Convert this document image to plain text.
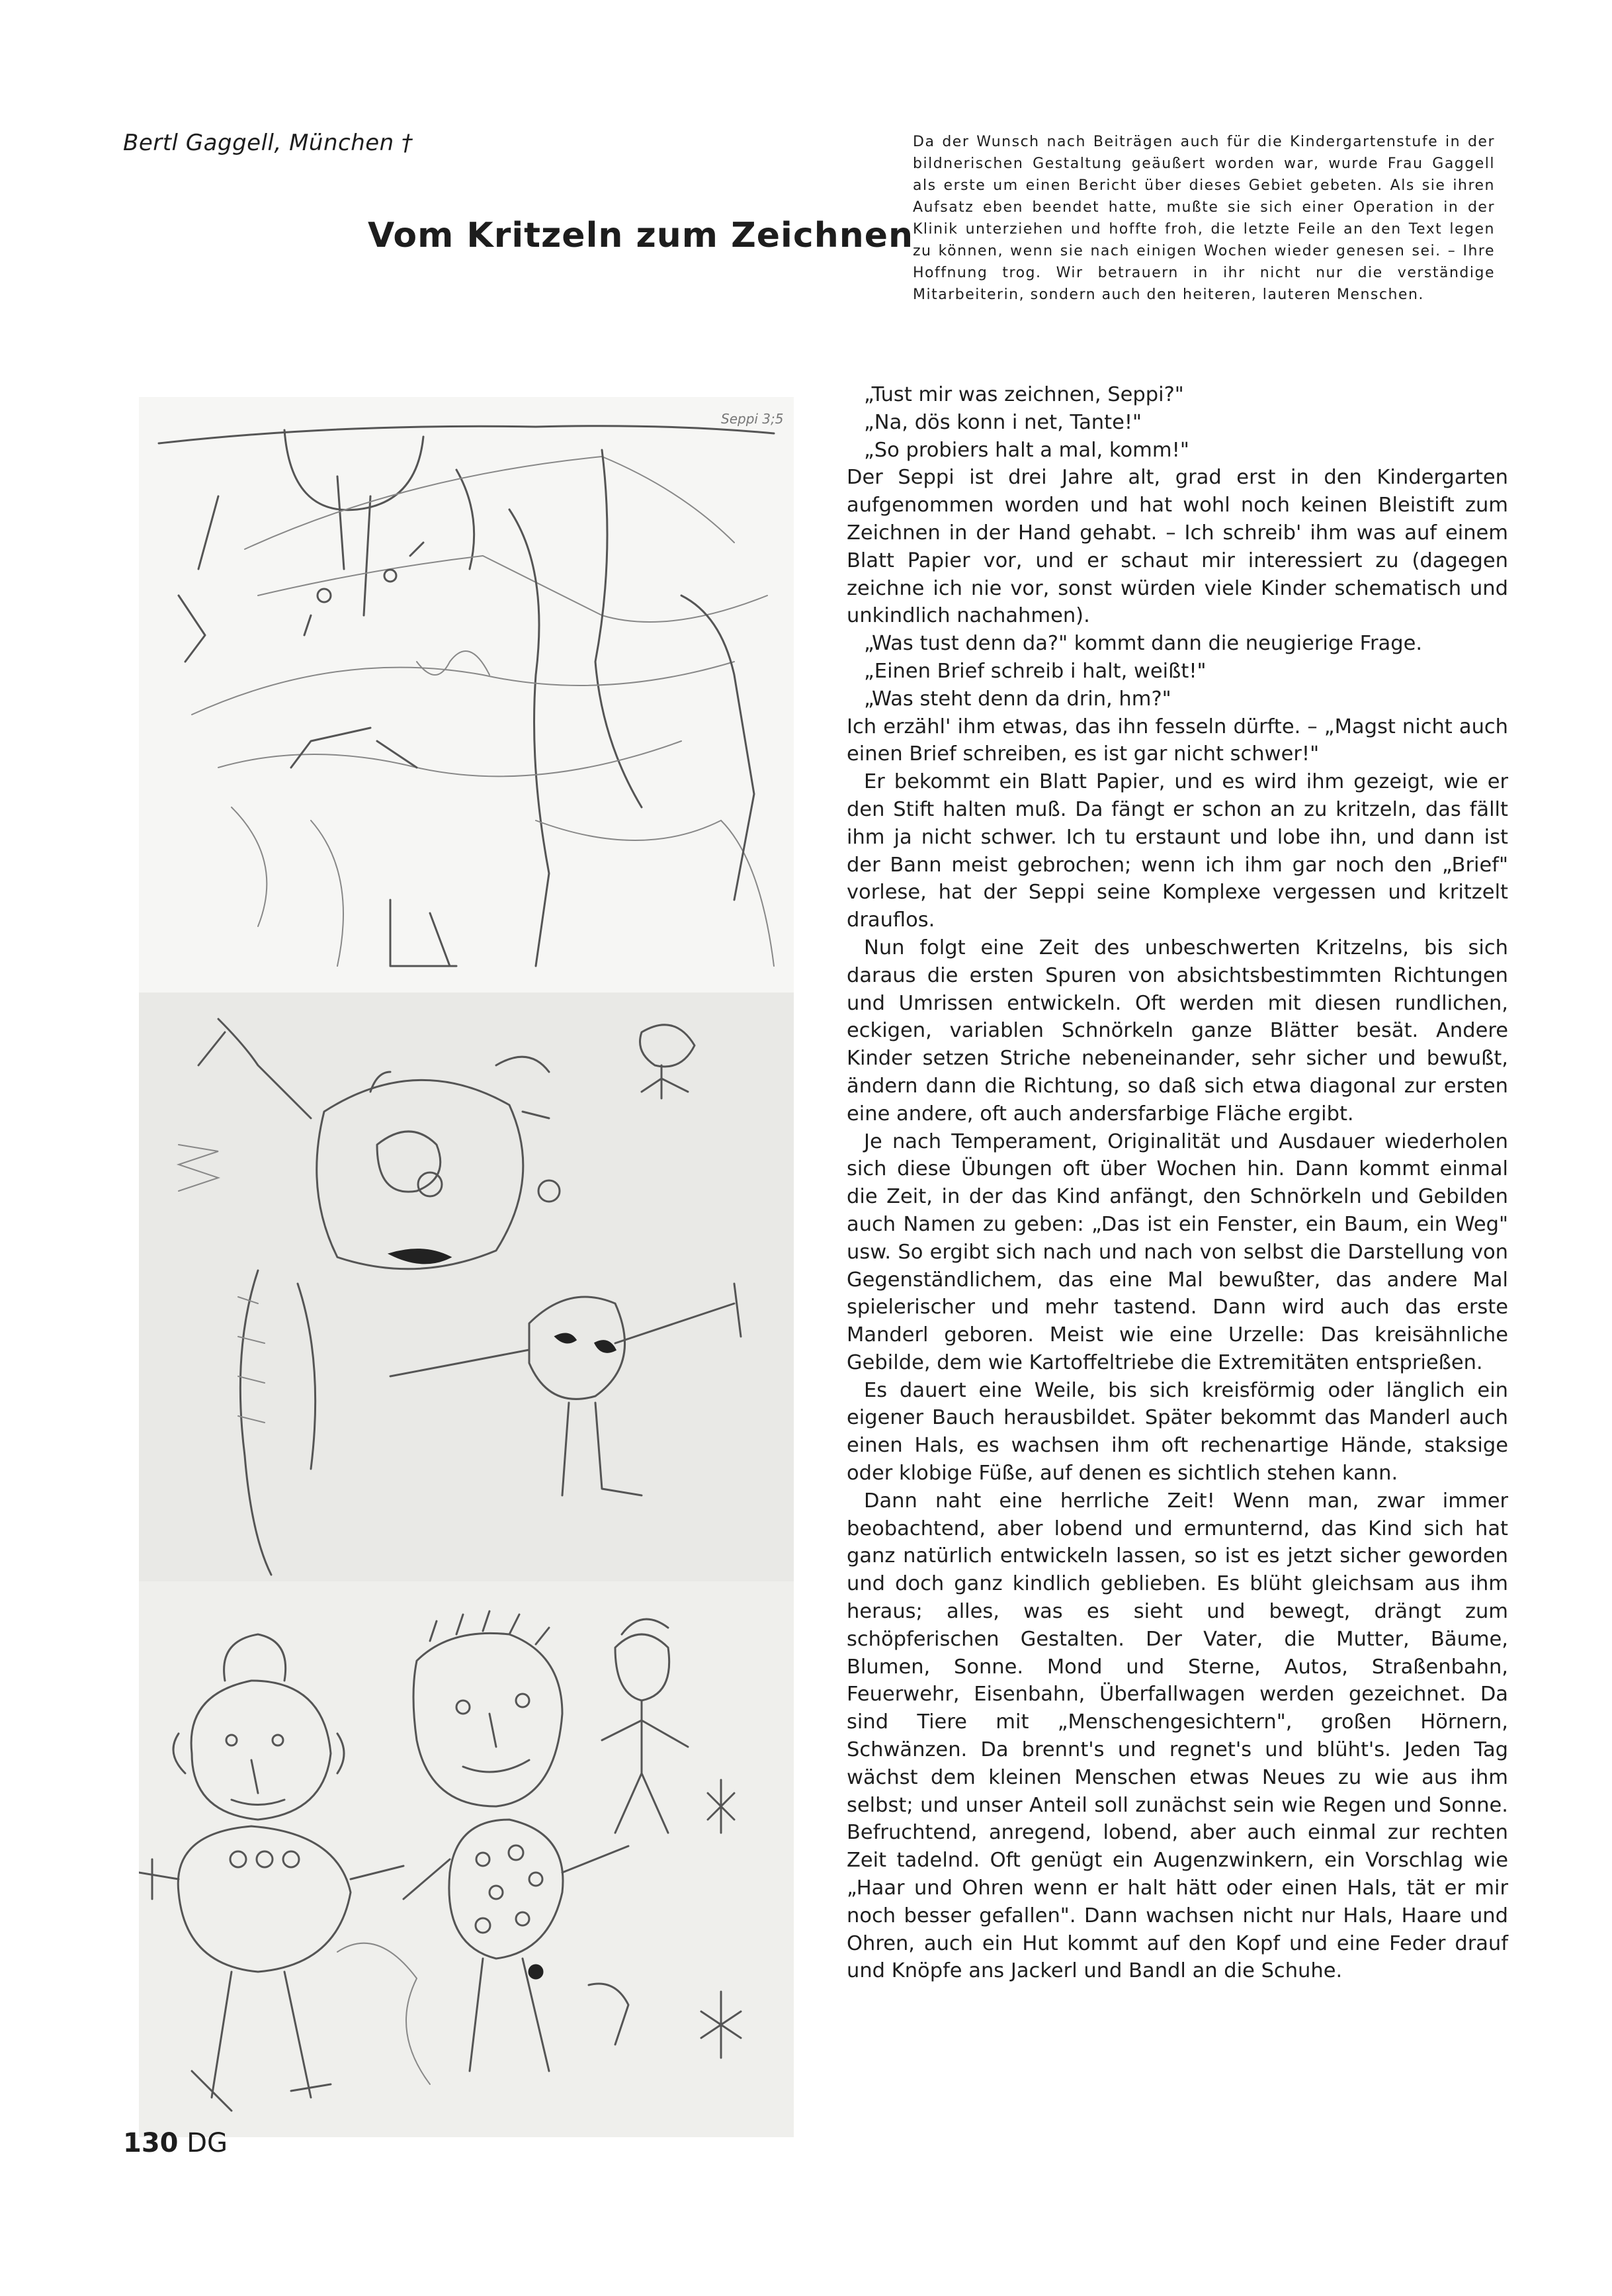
Bertl Gaggell, München †

Vom Kritzeln zum Zeichnen

Da der Wunsch nach Beiträgen auch für die Kindergartenstufe in der bildnerischen Gestaltung geäußert worden war, wurde Frau Gaggell als erste um einen Bericht über dieses Gebiet gebeten. Als sie ihren Aufsatz eben beendet hatte, mußte sie sich einer Operation in der Klinik unterziehen und hoffte froh, die letzte Feile an den Text legen zu können, wenn sie nach einigen Wochen wieder genesen sei. – Ihre Hoffnung trog. Wir betrauern in ihr nicht nur die verständige Mitarbeiterin, sondern auch den heiteren, lauteren Menschen.

Seppi 3;5

„Tust mir was zeichnen, Seppi?"

„Na, dös konn i net, Tante!"

„So probiers halt a mal, komm!"

Der Seppi ist drei Jahre alt, grad erst in den Kindergarten aufgenommen worden und hat wohl noch keinen Bleistift zum Zeichnen in der Hand gehabt. – Ich schreib' ihm was auf einem Blatt Papier vor, und er schaut mir interessiert zu (dagegen zeichne ich nie vor, sonst würden viele Kinder schematisch und unkindlich nachahmen).

„Was tust denn da?" kommt dann die neugierige Frage.

„Einen Brief schreib i halt, weißt!"

„Was steht denn da drin, hm?"

Ich erzähl' ihm etwas, das ihn fesseln dürfte. – „Magst nicht auch einen Brief schreiben, es ist gar nicht schwer!"

Er bekommt ein Blatt Papier, und es wird ihm gezeigt, wie er den Stift halten muß. Da fängt er schon an zu kritzeln, das fällt ihm ja nicht schwer. Ich tu erstaunt und lobe ihn, und dann ist der Bann meist gebrochen; wenn ich ihm gar noch den „Brief" vorlese, hat der Seppi seine Komplexe vergessen und kritzelt drauflos.

Nun folgt eine Zeit des unbeschwerten Kritzelns, bis sich daraus die ersten Spuren von absichtsbestimmten Richtungen und Umrissen entwickeln. Oft werden mit diesen rundlichen, eckigen, variablen Schnörkeln ganze Blätter besät. Andere Kinder setzen Striche nebeneinander, sehr sicher und bewußt, ändern dann die Richtung, so daß sich etwa diagonal zur ersten eine andere, oft auch andersfarbige Fläche ergibt.

Je nach Temperament, Originalität und Ausdauer wiederholen sich diese Übungen oft über Wochen hin. Dann kommt einmal die Zeit, in der das Kind anfängt, den Schnörkeln und Gebilden auch Namen zu geben: „Das ist ein Fenster, ein Baum, ein Weg" usw. So ergibt sich nach und nach von selbst die Darstellung von Gegenständlichem, das eine Mal bewußter, das andere Mal spielerischer und mehr tastend. Dann wird auch das erste Manderl geboren. Meist wie eine Urzelle: Das kreisähnliche Gebilde, dem wie Kartoffeltriebe die Extremitäten entsprießen.

Es dauert eine Weile, bis sich kreisförmig oder länglich ein eigener Bauch herausbildet. Später bekommt das Manderl auch einen Hals, es wachsen ihm oft rechenartige Hände, staksige oder klobige Füße, auf denen es sichtlich stehen kann.

Dann naht eine herrliche Zeit! Wenn man, zwar immer beobachtend, aber lobend und ermunternd, das Kind sich hat ganz natürlich entwickeln lassen, so ist es jetzt sicher geworden und doch ganz kindlich geblieben. Es blüht gleichsam aus ihm heraus; alles, was es sieht und bewegt, drängt zum schöpferischen Gestalten. Der Vater, die Mutter, Bäume, Blumen, Sonne. Mond und Sterne, Autos, Straßenbahn, Feuerwehr, Eisenbahn, Überfallwagen werden gezeichnet. Da sind Tiere mit „Menschengesichtern", großen Hörnern, Schwänzen. Da brennt's und regnet's und blüht's. Jeden Tag wächst dem kleinen Menschen etwas Neues zu wie aus ihm selbst; und unser Anteil soll zunächst sein wie Regen und Sonne. Befruchtend, anregend, lobend, aber auch einmal zur rechten Zeit tadelnd. Oft genügt ein Augenzwinkern, ein Vorschlag wie „Haar und Ohren wenn er halt hätt oder einen Hals, tät er mir noch besser gefallen". Dann wachsen nicht nur Hals, Haare und Ohren, auch ein Hut kommt auf den Kopf und eine Feder drauf und Knöpfe ans Jackerl und Bandl an die Schuhe.

130 DG
